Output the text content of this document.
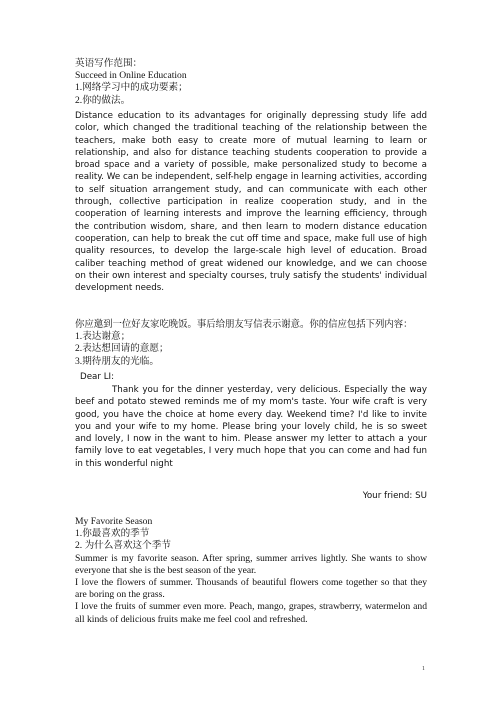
英语写作范围：
Succeed in Online Education
1.网络学习中的成功要素；
2.你的做法。
Distance education to its advantages for originally depressing study life add color, which changed the traditional teaching of the relationship between the teachers, make both easy to create more of mutual learning to learn or relationship, and also for distance teaching students cooperation to provide a broad space and a variety of possible, make personalized study to become a reality. We can be independent, self-help engage in learning activities, according to self situation arrangement study, and can communicate with each other through, collective participation in realize cooperation study, and in the cooperation of learning interests and improve the learning efficiency, through the contribution wisdom, share, and then learn to modern distance education cooperation, can help to break the cut off time and space, make full use of high quality resources, to develop the large-scale high level of education. Broad caliber teaching method of great widened our knowledge, and we can choose on their own interest and specialty courses, truly satisfy the students' individual development needs.
你应邀到一位好友家吃晚饭。事后给朋友写信表示谢意。你的信应包括下列内容：
1.表达谢意；
2.表达想回请的意愿；
3.期待朋友的光临。
Dear LI:
Thank you for the dinner yesterday, very delicious. Especially the way beef and potato stewed reminds me of my mom's taste. Your wife craft is very good, you have the choice at home every day. Weekend time? I'd like to invite you and your wife to my home. Please bring your lovely child, he is so sweet and lovely, I now in the want to him. Please answer my letter to attach a your family love to eat vegetables, I very much hope that you can come and had fun in this wonderful night
Your friend: SU
My Favorite Season
1.你最喜欢的季节
2. 为什么喜欢这个季节
Summer is my favorite season. After spring, summer arrives lightly. She wants to show everyone that she is the best season of the year.
I love the flowers of summer. Thousands of beautiful flowers come together so that they are boring on the grass.
I love the fruits of summer even more. Peach, mango, grapes, strawberry, watermelon and all kinds of delicious fruits make me feel cool and refreshed.
1
